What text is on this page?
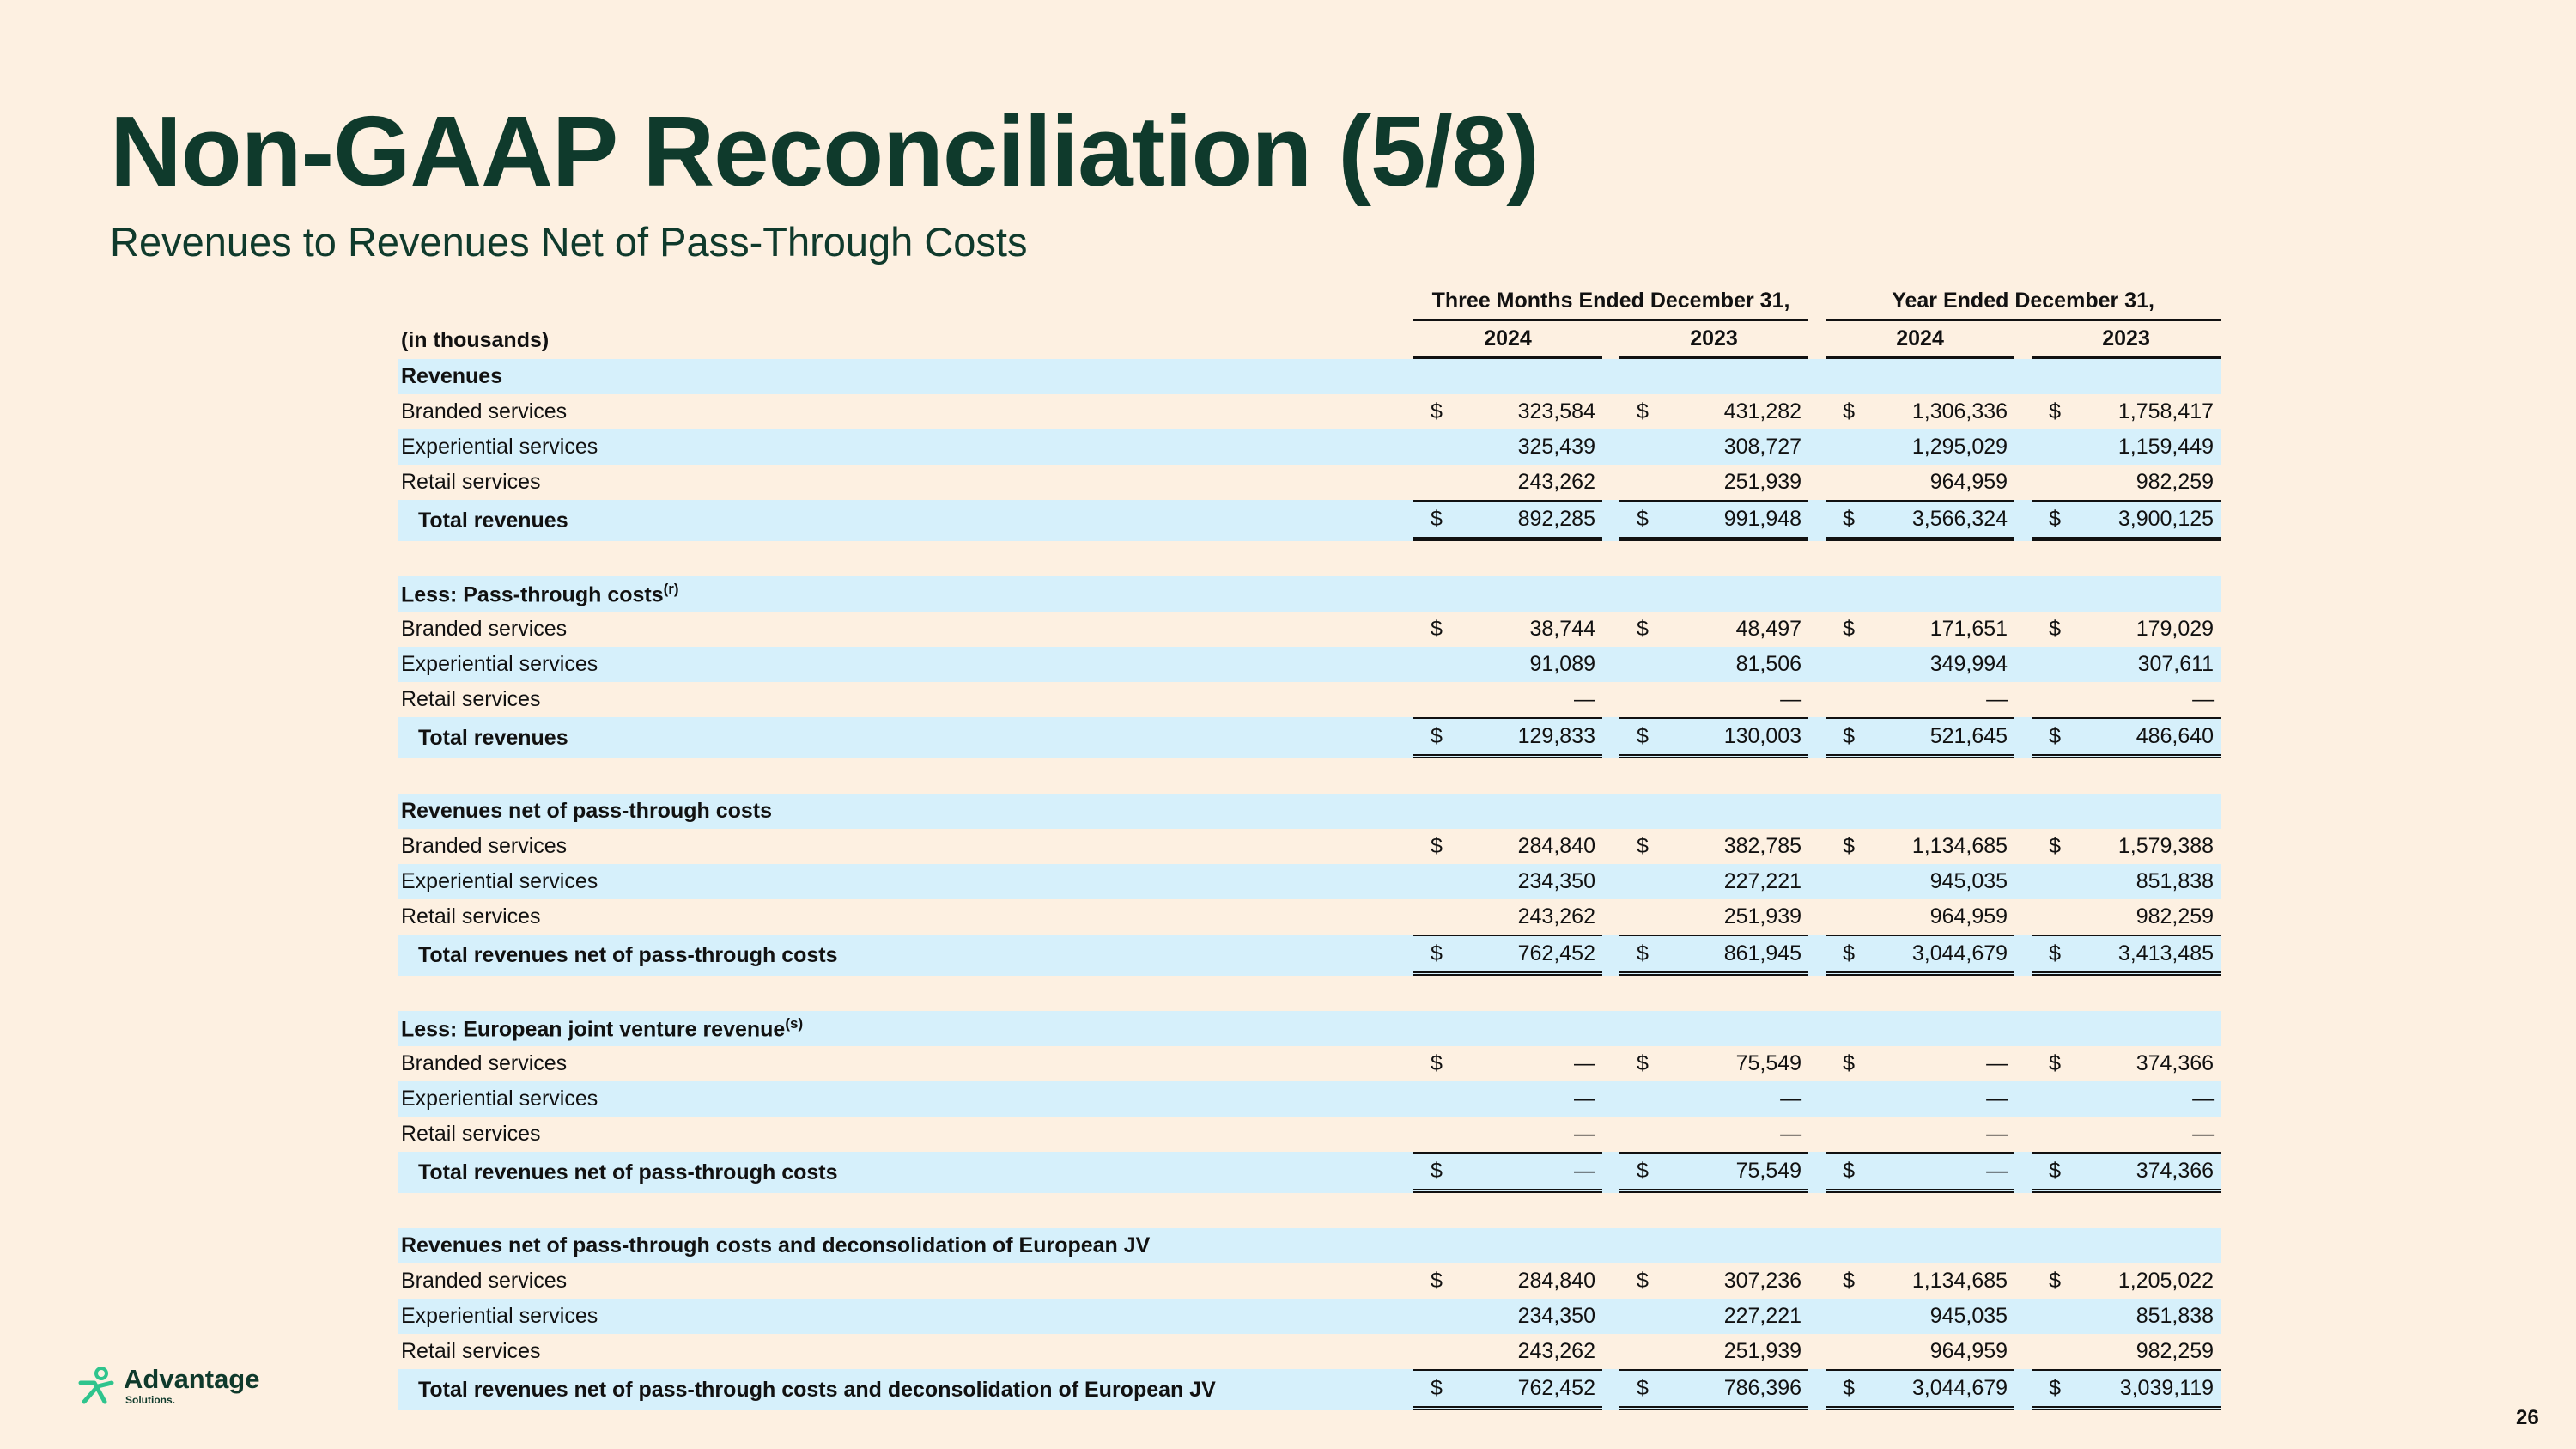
Non-GAAP Reconciliation (5/8)
Revenues to Revenues Net of Pass-Through Costs
	Three Months Ended December 31,						Year Ended December 31,				
(in thousands)	2024			2023			2024			2023	
Revenues											
Branded services	$	323,584		$	431,282		$	1,306,336		$	1,758,417
Experiential services		325,439			308,727			1,295,029			1,159,449
Retail services		243,262			251,939			964,959			982,259
Total revenues	$	892,285		$	991,948		$	3,566,324		$	3,900,125

Less: Pass-through costs$^{(r)}$											
Branded services	$	38,744		$	48,497		$	171,651		$	179,029
Experiential services		91,089			81,506			349,994			307,611
Retail services		—			—			—			—
Total revenues	$	129,833		$	130,003		$	521,645		$	486,640

Revenues net of pass-through costs											
Branded services	$	284,840		$	382,785		$	1,134,685		$	1,579,388
Experiential services		234,350			227,221			945,035			851,838
Retail services		243,262			251,939			964,959			982,259
Total revenues net of pass-through costs	$	762,452		$	861,945		$	3,044,679		$	3,413,485

Less: European joint venture revenue$^{(s)}$											
Branded services	$	—		$	75,549		$	—		$	374,366
Experiential services		—			—			—			—
Retail services		—			—			—			—
Total revenues net of pass-through costs	$	—		$	75,549		$	—		$	374,366

Revenues net of pass-through costs and deconsolidation of European JV											
Branded services	$	284,840		$	307,236		$	1,134,685		$	1,205,022
Experiential services		234,350			227,221			945,035			851,838
Retail services		243,262			251,939			964,959			982,259
Total revenues net of pass-through costs and deconsolidation of European JV	$	762,452		$	786,396		$	3,044,679		$	3,039,119
Advantage
Solutions.
26
